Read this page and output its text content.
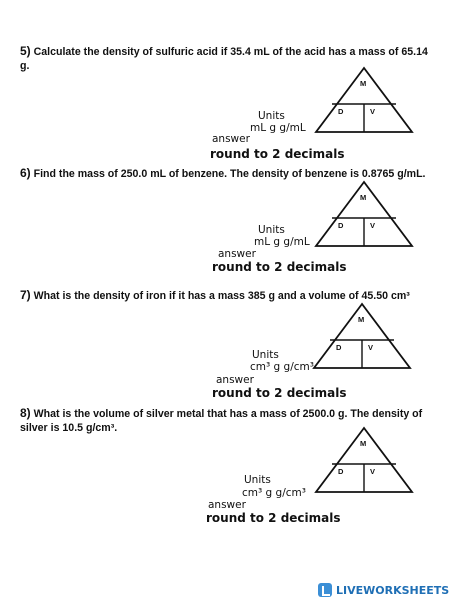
5) Calculate the density of sulfuric acid if 35.4 mL of the acid has a mass of 65.14 g.
M
D	V
Units
mL g g/mL
answer
round to 2 decimals
6) Find the mass of 250.0 mL of benzene. The density of benzene is 0.8765 g/mL.
M
D	V
Units
mL g g/mL
answer
round to 2 decimals
7) What is the density of iron if it has a mass 385 g and a volume of 45.50 cm³
M
D	V
Units
cm³ g g/cm³
answer
round to 2 decimals
8) What is the volume of silver metal that has a mass of 2500.0 g. The density of silver is 10.5 g/cm³.
M
D	V
Units
cm³ g g/cm³
answer
round to 2 decimals
LIVEWORKSHEETS
